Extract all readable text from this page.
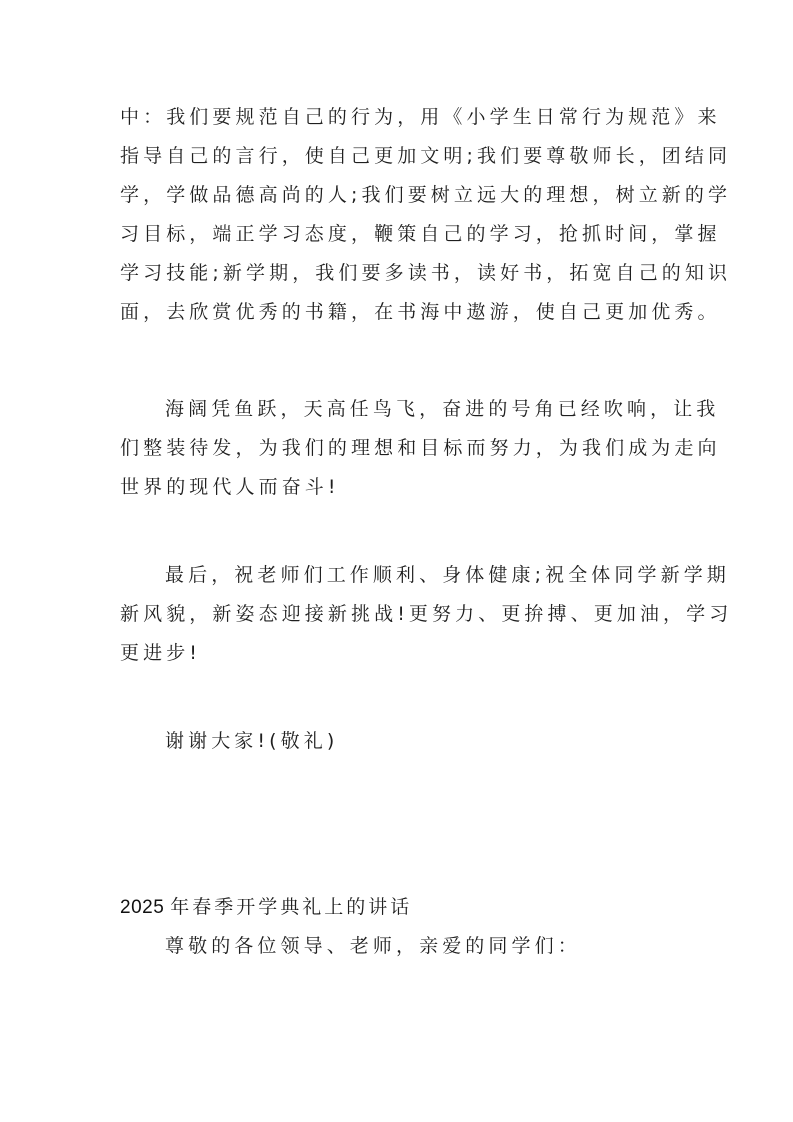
中：我们要规范自己的行为，用《小学生日常行为规范》来
指导自己的言行，使自己更加文明;我们要尊敬师长，团结同
学，学做品德高尚的人;我们要树立远大的理想，树立新的学
习目标，端正学习态度，鞭策自己的学习，抢抓时间，掌握
学习技能;新学期，我们要多读书，读好书，拓宽自己的知识
面，去欣赏优秀的书籍，在书海中遨游，使自己更加优秀。
海阔凭鱼跃，天高任鸟飞，奋进的号角已经吹响，让我
们整装待发，为我们的理想和目标而努力，为我们成为走向
世界的现代人而奋斗!
最后，祝老师们工作顺利、身体健康;祝全体同学新学期
新风貌，新姿态迎接新挑战!更努力、更拚搏、更加油，学习
更进步!
谢谢大家!(敬礼)
2025 年春季开学典礼上的讲话
尊敬的各位领导、老师，亲爱的同学们：
